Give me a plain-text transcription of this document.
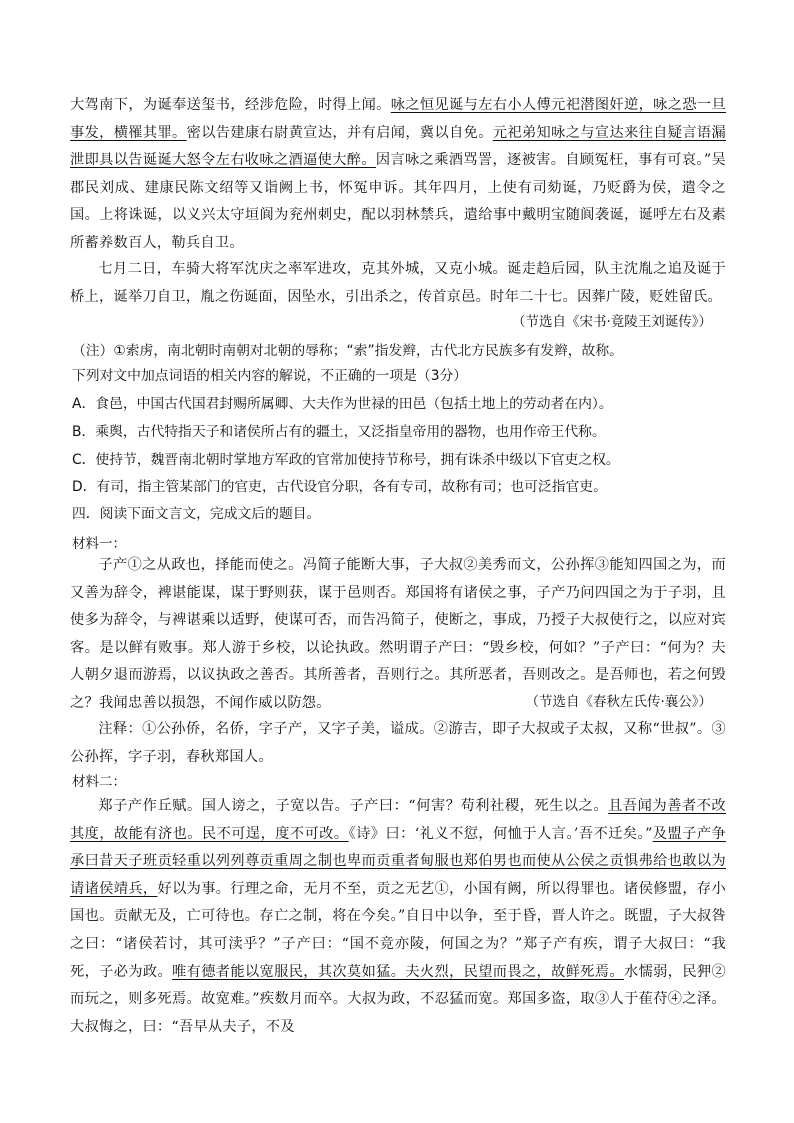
大驾南下，为诞奉送玺书，经涉危险，时得上闻。咏之恒见诞与左右小人傅元祀潜图奸逆，咏之恐一旦事发，横罹其罪。密以告建康右尉黄宣达，并有启闻，冀以自免。元祀弟知咏之与宣达来往自疑言语漏泄即具以告诞诞大怒令左右收咏之酒逼使大醉。因言咏之乘酒骂詈，逐被害。自顾冤枉，事有可哀。”吴郡民刘成、建康民陈文绍等又诣阙上书，怀冤申诉。其年四月，上使有司劾诞，乃贬爵为侯，遣令之国。上将诛诞，以义兴太守垣阆为兖州刺史，配以羽林禁兵，遣给事中戴明宝随阆袭诞，诞呼左右及素所蓄养数百人，勒兵自卫。

七月二日，车骑大将军沈庆之率军进攻，克其外城，又克小城。诞走趋后园，队主沈胤之追及诞于桥上，诞举刀自卫，胤之伤诞面，因坠水，引出杀之，传首京邑。时年二十七。因葬广陵，贬姓留氏。

（节选自《宋书·竟陵王刘诞传》）

（注）①索虏，南北朝时南朝对北朝的辱称；“索”指发辫，古代北方民族多有发辫，故称。

下列对文中加点词语的相关内容的解说，不正确的一项是（3分）

A．食邑，中国古代国君封赐所属卿、大夫作为世禄的田邑（包括土地上的劳动者在内）。

B．乘舆，古代特指天子和诸侯所占有的疆土，又泛指皇帝用的器物，也用作帝王代称。

C．使持节，魏晋南北朝时掌地方军政的官常加使持节称号，拥有诛杀中级以下官吏之权。

D．有司，指主管某部门的官吏，古代设官分职，各有专司，故称有司；也可泛指官吏。

四．阅读下面文言文，完成文后的题目。

材料一：

子产①之从政也，择能而使之。冯简子能断大事，子大叔②美秀而文，公孙挥③能知四国之为，而又善为辞令，裨谌能谋，谋于野则获，谋于邑则否。郑国将有诸侯之事，子产乃问四国之为于子羽，且使多为辞令，与裨谌乘以适野，使谋可否，而告冯简子，使断之，事成，乃授子大叔使行之，以应对宾客。是以鲜有败事。郑人游于乡校，以论执政。然明谓子产曰：“毁乡校，何如？”子产曰：“何为？夫人朝夕退而游焉，以议执政之善否。其所善者，吾则行之。其所恶者，吾则改之。是吾师也，若之何毁之？我闻忠善以损怨，不闻作威以防怨。	（节选自《春秋左氏传·襄公》）

注释：①公孙侨，名侨，字子产，又字子美，谥成。②游吉，即子大叔或子太叔，又称“世叔”。③公孙挥，字子羽，春秋郑国人。

材料二：

郑子产作丘赋。国人谤之，子宽以告。子产曰：“何害？苟利社稷，死生以之。且吾闻为善者不改其度，故能有济也。民不可逞，度不可改。《诗》曰：‘礼义不愆，何恤于人言。’吾不迁矣。”及盟子产争承曰昔天子班贡轻重以列列尊贡重周之制也卑而贡重者甸服也郑伯男也而使从公侯之贡惧弗给也敢以为请诸侯靖兵，好以为事。行理之命，无月不至，贡之无艺①，小国有阙，所以得罪也。诸侯修盟，存小国也。贡献无及，亡可待也。存亡之制，将在今矣。”自日中以争，至于昏，晋人许之。既盟，子大叔咎之曰：“诸侯若讨，其可渎乎？”子产曰：“国不竞亦陵，何国之为？”郑子产有疾，谓子大叔曰：“我死，子必为政。唯有德者能以宽服民，其次莫如猛。夫火烈，民望而畏之，故鲜死焉。水懦弱，民狎②而玩之，则多死焉。故宽难。”疾数月而卒。大叔为政，不忍猛而宽。郑国多盗，取③人于萑苻④之泽。大叔悔之，曰：“吾早从夫子，不及
